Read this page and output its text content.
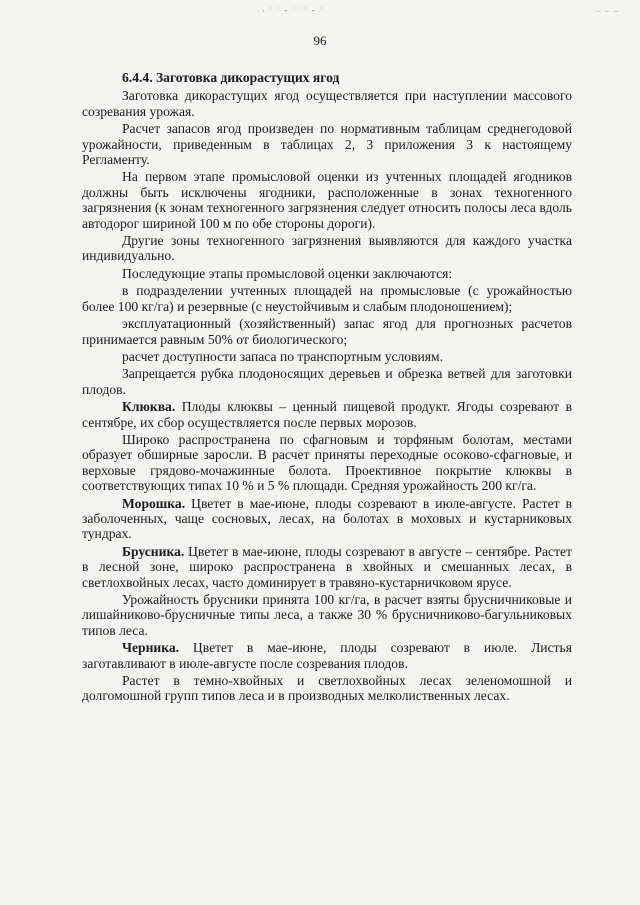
· ˙ ˙ ⁃ ˙ ˙˙ ⁃ ˙	– – –
96
6.4.4. Заготовка дикорастущих ягод

Заготовка дикорастущих ягод осуществляется при наступлении массового созревания урожая.

Расчет запасов ягод произведен по нормативным таблицам среднегодовой урожайности, приведенным в таблицах 2, 3 приложения 3 к настоящему Регламенту.

На первом этапе промысловой оценки из учтенных площадей ягодников должны быть исключены ягодники, расположенные в зонах техногенного загрязнения (к зонам техногенного загрязнения следует относить полосы леса вдоль автодорог шириной 100 м по обе стороны дороги).

Другие зоны техногенного загрязнения выявляются для каждого участка индивидуально.

Последующие этапы промысловой оценки заключаются:

в подразделении учтенных площадей на промысловые (с урожайностью более 100 кг/га) и резервные (с неустойчивым и слабым плодоношением);

эксплуатационный (хозяйственный) запас ягод для прогнозных расчетов принимается равным 50% от биологического;

расчет доступности запаса по транспортным условиям.

Запрещается рубка плодоносящих деревьев и обрезка ветвей для заготовки плодов.

Клюква. Плоды клюквы – ценный пищевой продукт. Ягоды созревают в сентябре, их сбор осуществляется после первых морозов.

Широко распространена по сфагновым и торфяным болотам, местами образует обширные заросли. В расчет приняты переходные осоково-сфагновые, и верховые грядово-мочажинные болота. Проективное покрытие клюквы в соответствующих типах 10 % и 5 % площади. Средняя урожайность 200 кг/га.

Морошка. Цветет в мае-июне, плоды созревают в июле-августе. Растет в заболоченных, чаще сосновых, лесах, на болотах в моховых и кустарниковых тундрах.

Брусника. Цветет в мае-июне, плоды созревают в августе – сентябре. Растет в лесной зоне, широко распространена в хвойных и смешанных лесах, в светлохвойных лесах, часто доминирует в травяно-кустарничковом ярусе.

Урожайность брусники принята 100 кг/га, в расчет взяты брусничниковые и лишайниково-брусничные типы леса, а также 30 % брусничниково-багульниковых типов леса.

Черника. Цветет в мае-июне, плоды созревают в июле. Листья заготавливают в июле-августе после созревания плодов.

Растет в темно-хвойных и светлохвойных лесах зеленомошной и долгомошной групп типов леса и в производных мелколиственных лесах.
